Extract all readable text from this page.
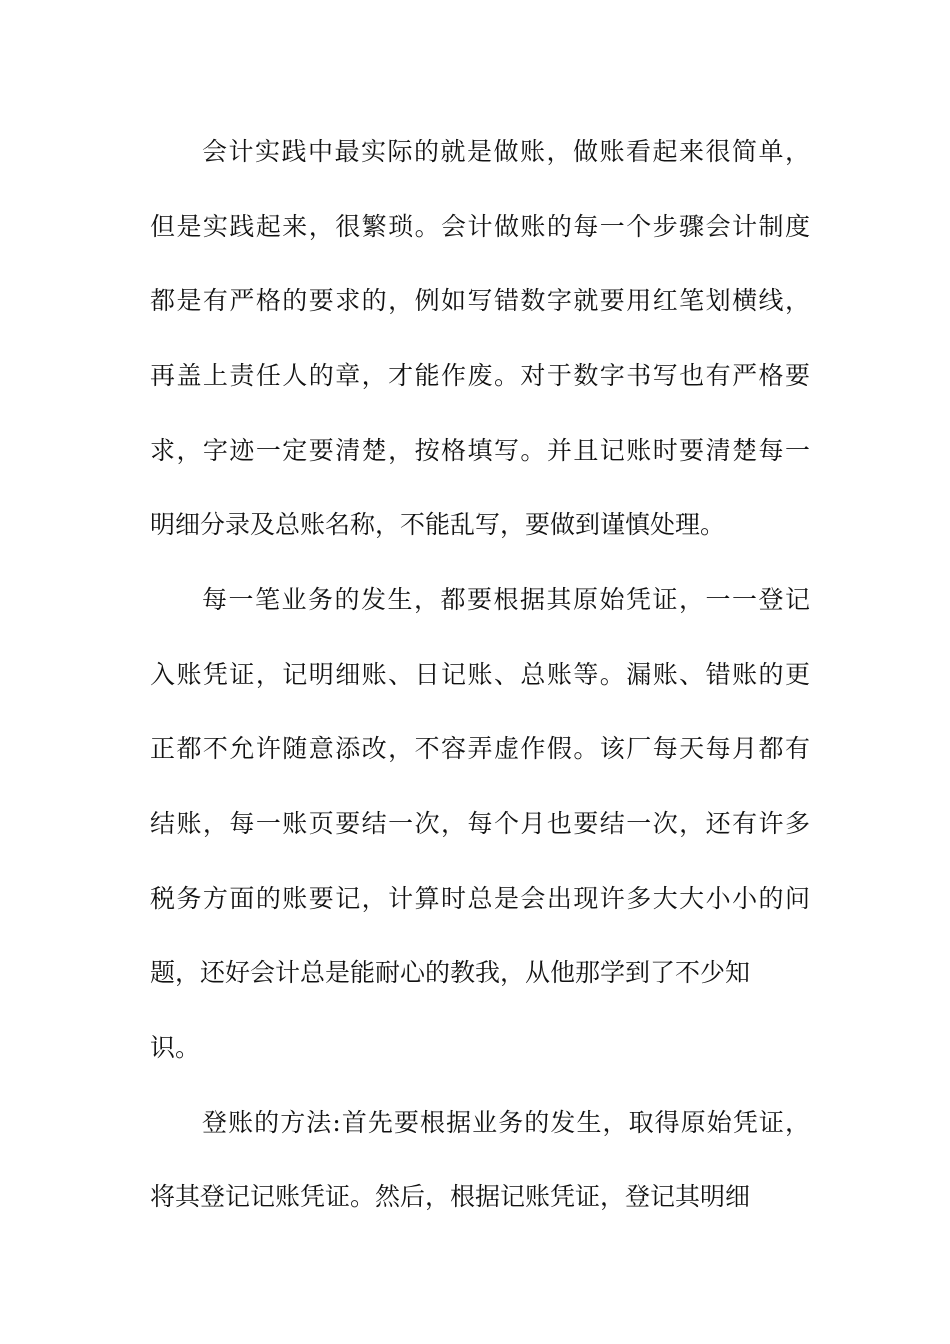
会计实践中最实际的就是做账，做账看起来很简单，
但是实践起来，很繁琐。会计做账的每一个步骤会计制度
都是有严格的要求的，例如写错数字就要用红笔划横线，
再盖上责任人的章，才能作废。对于数字书写也有严格要
求，字迹一定要清楚，按格填写。并且记账时要清楚每一
明细分录及总账名称，不能乱写，要做到谨慎处理。
每一笔业务的发生，都要根据其原始凭证，一一登记
入账凭证，记明细账、日记账、总账等。漏账、错账的更
正都不允许随意添改，不容弄虚作假。该厂每天每月都有
结账，每一账页要结一次，每个月也要结一次，还有许多
税务方面的账要记，计算时总是会出现许多大大小小的问
题，还好会计总是能耐心的教我，从他那学到了不少知
识。
登账的方法:首先要根据业务的发生，取得原始凭证，
将其登记记账凭证。然后，根据记账凭证，登记其明细
